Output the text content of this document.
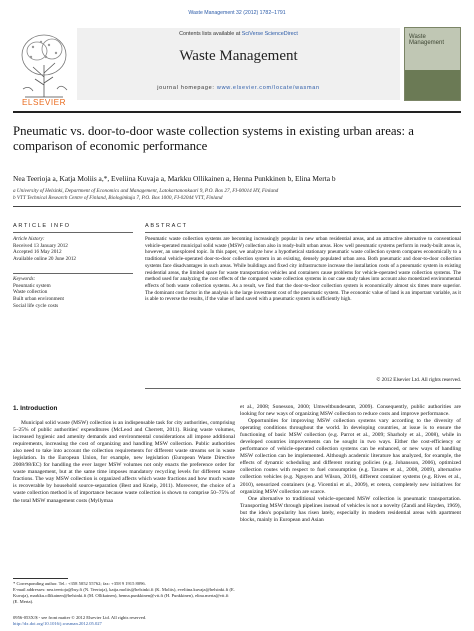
Waste Management 32 (2012) 1782–1791
ELSEVIER
Contents lists available at SciVerse ScienceDirect
Waste Management
journal homepage: www.elsevier.com/locate/wasman
Waste Management
Pneumatic vs. door-to-door waste collection systems in existing urban areas: a comparison of economic performance
Nea Teerioja a, Katja Moliis a,*, Eveliina Kuvaja a, Markku Ollikainen a, Henna Punkkinen b, Elina Merta b
a University of Helsinki, Department of Economics and Management, Latokartanonkaari 9, P.O. Box 27, FI-00014 HY, Finland
b VTT Technical Research Centre of Finland, Biologinkuja 7, P.O. Box 1000, FI-02044 VTT, Finland
ARTICLE INFO	ABSTRACT
Article history:
Received 13 January 2012
Accepted 16 May 2012
Available online 20 June 2012
Keywords:
Pneumatic system
Waste collection
Built urban environment
Social life cycle costs
Pneumatic waste collection systems are becoming increasingly popular in new urban residential areas, and an attractive alternative to conventional vehicle-operated municipal solid waste (MSW) collection also in ready-built urban areas. How well pneumatic systems perform in ready-built areas is, however, an unexplored topic. In this paper, we analyze how a hypothetical stationary pneumatic waste collection system compares economically to a traditional vehicle-operated door-to-door collection system in an existing, densely populated urban area. Both pneumatic and door-to-door collection systems face disadvantages in such areas. While buildings and fixed city infrastructure increase the installation costs of a pneumatic system in existing residential areas, the limited space for waste transportation vehicles and containers cause problems for vehicle-operated waste collection systems. The method used for analyzing the cost effects of the compared waste collection systems in our case study takes into account also monetized environmental effects of both waste collection systems. As a result, we find that the door-to-door collection system is economically almost six times more superior. The dominant cost factor in the analysis is the large investment cost of the pneumatic system. The economic value of land is an important variable, as it is able to reverse the results, if the value of land saved with a pneumatic system is sufficiently high.
© 2012 Elsevier Ltd. All rights reserved.
1. Introduction
Municipal solid waste (MSW) collection is an indispensable task for city authorities, comprising 5–25% of public authorities' expenditures (McLeod and Cherrett, 2011). Rising waste volumes, increased hygienic and amenity demands and environmental considerations all impose additional requirements, increasing the cost of organizing and handling MSW collection. Public authorities also need to take into account the collection requirements for different waste streams set in waste legislation. In the European Union, for example, new legislation (European Waste Directive 2008/98/EC) for handling the ever larger MSW volumes not only enacts the preference order for waste management, but at the same time imposes mandatory recycling levels for different waste fractions. The way MSW collection is organized affects which waste fractions and how much waste is recoverable by household source-separation (Best and Kneip, 2011). Moreover, the choice of a waste collection method is of importance because waste collection is shown to comprise 50–75% of the total MSW management costs (Myllymaa

et al., 2008; Sonesson, 2000; Umweltbundesamt, 2009). Consequently, public authorities are looking for new ways of organizing MSW collection to reduce costs and improve performance.

Opportunities for improving MSW collection systems vary according to the diversity of operating conditions throughout the world. In developing countries, at issue is to ensure the functioning of basic MSW collection (e.g. Parrot et al., 2009; Sharholy et al., 2008), while in developed countries improvements can be sought in two ways. Either the cost-efficiency or performance of vehicle-operated collection systems can be enhanced, or new ways of handling MSW collection can be implemented. Although academic literature has analyzed, for example, the effects of dynamic scheduling and different routing policies (e.g. Johansson, 2006), optimized collection routes with respect to fuel consumption (e.g. Tavares et al., 2008, 2009), alternative collection vehicles (e.g. Nguyen and Wilson, 2010), different container systems (e.g. Rives et al., 2010), sensorized containers (e.g. Vicentini et al., 2009), et cetera, completely new initiatives for organizing MSW collection are scarce.

One alternative to traditional vehicle-operated MSW collection is pneumatic transportation. Transporting MSW through pipelines instead of vehicles is not a novelty (Zandi and Hayden, 1969), but the idea's popularity has risen lately, especially in modern residential areas with apartment blocks, mainly in European and Asian

* Corresponding author. Tel.: +358 5052 55762; fax: +358 9 1915 8096.
E-mail addresses: nea.teerioja@hsy.fi (N. Teerioja), katja.moliis@helsinki.fi (K. Moliis), eveliina.kuvaja@helsinki.fi (E. Kuvaja), markku.ollikainen@helsinki.fi (M. Ollikainen), henna.punkkinen@vtt.fi (H. Punkkinen), elina.merta@vtt.fi (E. Merta).
0956-053X/$ - see front matter © 2012 Elsevier Ltd. All rights reserved.
http://dx.doi.org/10.1016/j.wasman.2012.05.027
